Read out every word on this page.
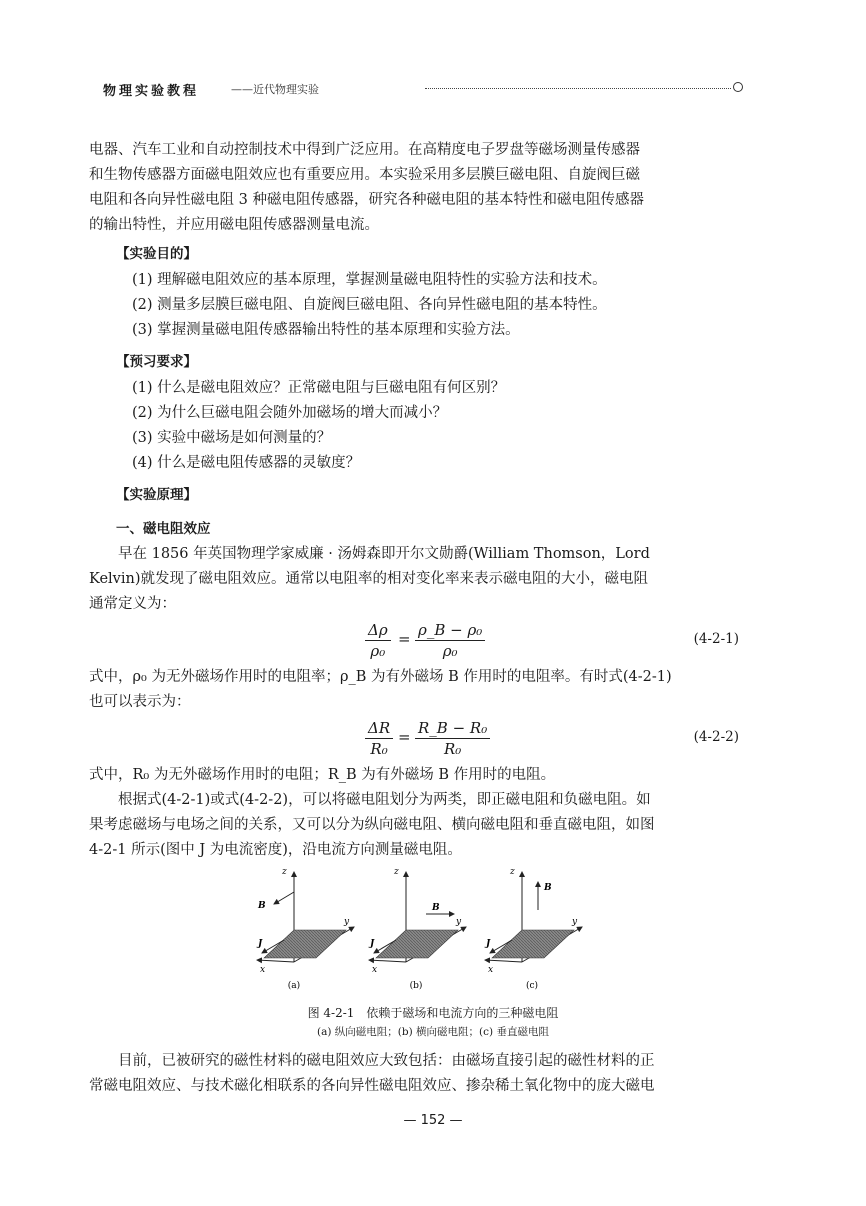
物理实验教程	——近代物理实验
电器、汽车工业和自动控制技术中得到广泛应用。在高精度电子罗盘等磁场测量传感器
和生物传感器方面磁电阻效应也有重要应用。本实验采用多层膜巨磁电阻、自旋阀巨磁
电阻和各向异性磁电阻 3 种磁电阻传感器，研究各种磁电阻的基本特性和磁电阻传感器
的输出特性，并应用磁电阻传感器测量电流。
【实验目的】
(1) 理解磁电阻效应的基本原理，掌握测量磁电阻特性的实验方法和技术。
(2) 测量多层膜巨磁电阻、自旋阀巨磁电阻、各向异性磁电阻的基本特性。
(3) 掌握测量磁电阻传感器输出特性的基本原理和实验方法。
【预习要求】
(1) 什么是磁电阻效应？正常磁电阻与巨磁电阻有何区别？
(2) 为什么巨磁电阻会随外加磁场的增大而减小？
(3) 实验中磁场是如何测量的？
(4) 什么是磁电阻传感器的灵敏度？
【实验原理】
一、磁电阻效应
早在 1856 年英国物理学家威廉 · 汤姆森即开尔文勋爵(William Thomson，Lord
Kelvin)就发现了磁电阻效应。通常以电阻率的相对变化率来表示磁电阻的大小，磁电阻
通常定义为：
$\frac{\Delta\rho}{\text{ρ₀}} = \frac{\text{ρ\_B − ρ₀}}{\text{ρ₀}}$	(4-2-1)
式中，ρ₀ 为无外磁场作用时的电阻率；ρ_B 为有外磁场 B 作用时的电阻率。有时式(4-2-1)
也可以表示为：
$\frac{\Delta R}{\text{R₀}} = \frac{\text{R\_B − R₀}}{\text{R₀}}$	(4-2-2)
式中，R₀ 为无外磁场作用时的电阻；R_B 为有外磁场 B 作用时的电阻。
根据式(4-2-1)或式(4-2-2)，可以将磁电阻划分为两类，即正磁电阻和负磁电阻。如
果考虑磁场与电场之间的关系，又可以分为纵向磁电阻、横向磁电阻和垂直磁电阻，如图
4-2-1 所示(图中 J 为电流密度)，沿电流方向测量磁电阻。
z
y
x
B
J
(a)
z
y
x
B
J
(b)
z
y
x
B
J
(c)
图 4-2-1　依赖于磁场和电流方向的三种磁电阻
(a) 纵向磁电阻；(b) 横向磁电阻；(c) 垂直磁电阻
目前，已被研究的磁性材料的磁电阻效应大致包括：由磁场直接引起的磁性材料的正
常磁电阻效应、与技术磁化相联系的各向异性磁电阻效应、掺杂稀土氧化物中的庞大磁电
— 152 —
